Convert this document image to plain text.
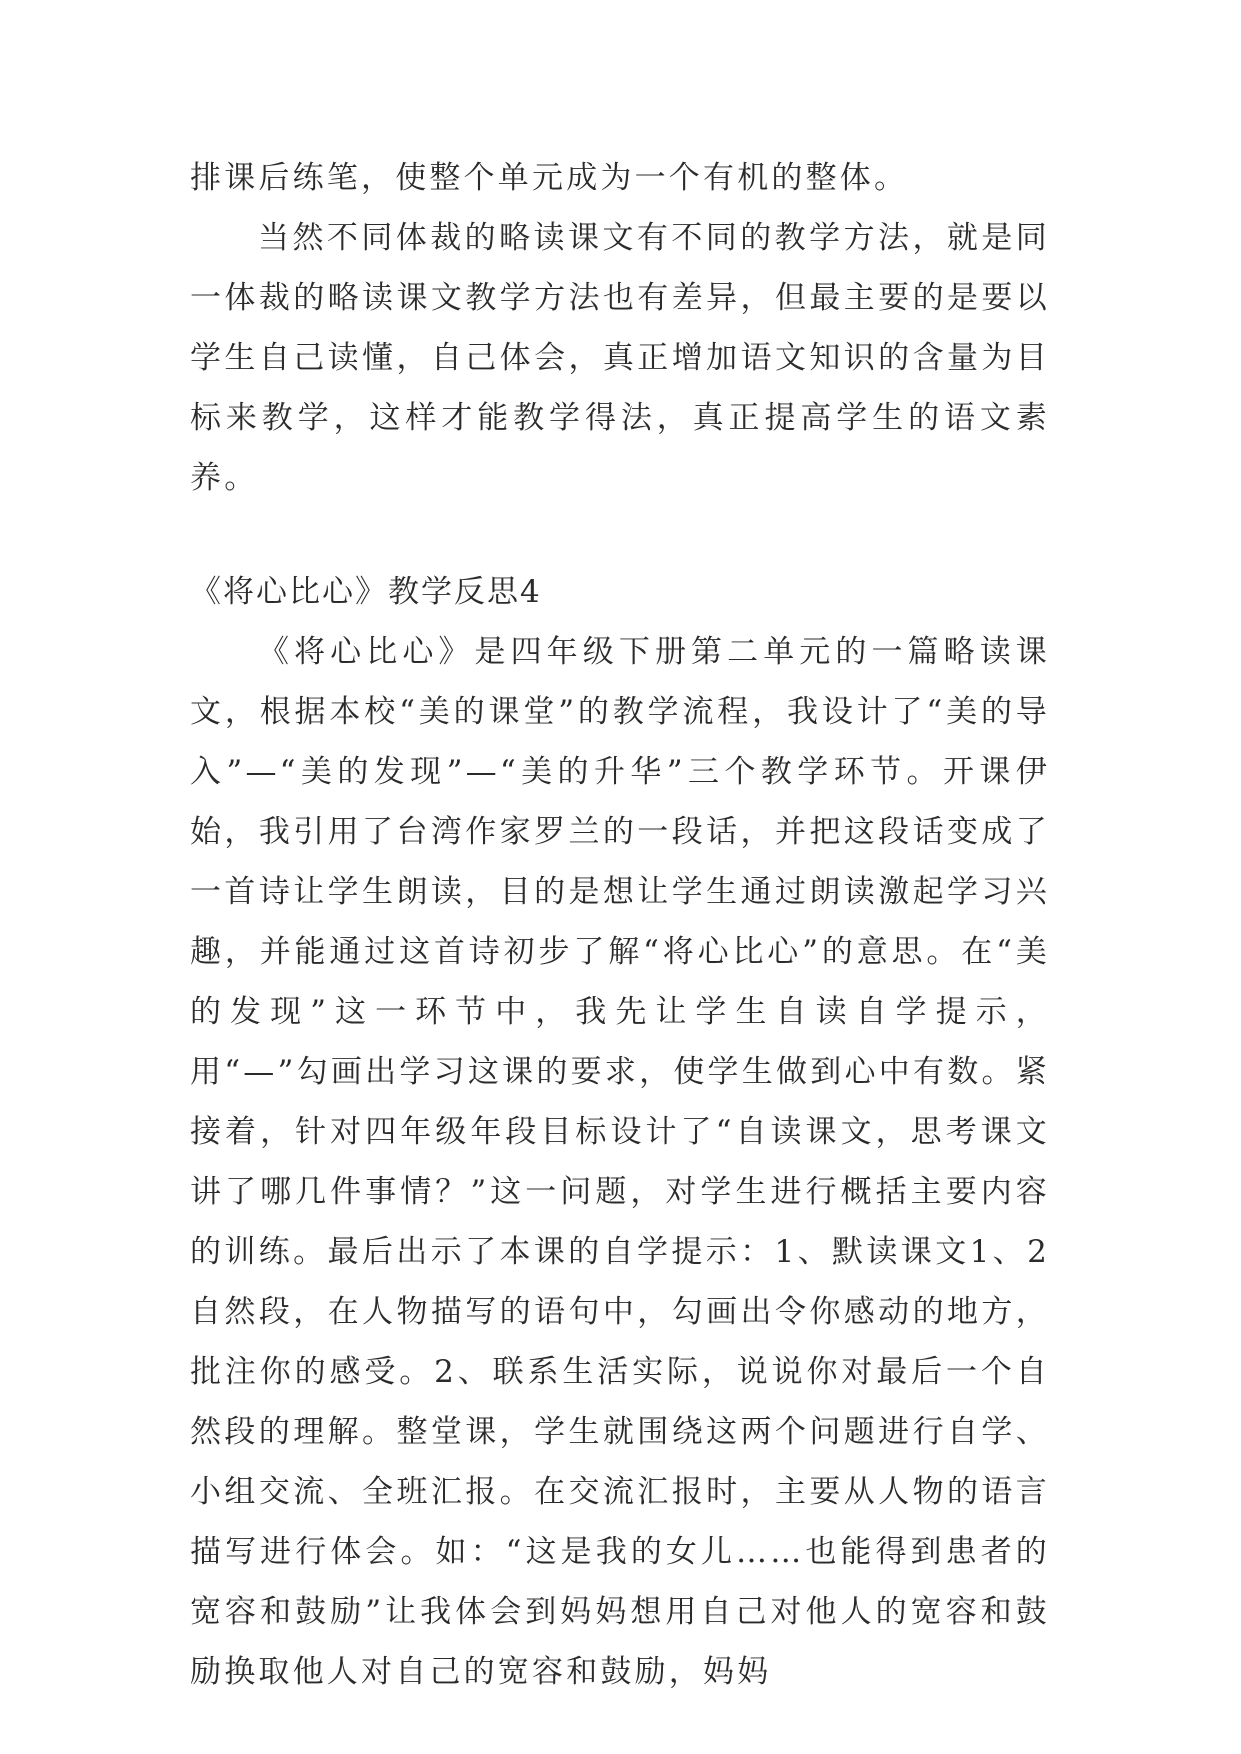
排课后练笔，使整个单元成为一个有机的整体。

当然不同体裁的略读课文有不同的教学方法，就是同一体裁的略读课文教学方法也有差异，但最主要的是要以学生自己读懂，自己体会，真正增加语文知识的含量为目标来教学，这样才能教学得法，真正提高学生的语文素养。

《将心比心》教学反思4

《将心比心》是四年级下册第二单元的一篇略读课文，根据本校“美的课堂”的教学流程，我设计了“美的导入”—“美的发现”—“美的升华”三个教学环节。开课伊始，我引用了台湾作家罗兰的一段话，并把这段话变成了一首诗让学生朗读，目的是想让学生通过朗读激起学习兴趣，并能通过这首诗初步了解“将心比心”的意思。在“美的发现”这一环节中，我先让学生自读自学提示，用“—”勾画出学习这课的要求，使学生做到心中有数。紧接着，针对四年级年段目标设计了“自读课文，思考课文讲了哪几件事情？”这一问题，对学生进行概括主要内容的训练。最后出示了本课的自学提示：1、默读课文1、2自然段，在人物描写的语句中，勾画出令你感动的地方，批注你的感受。2、联系生活实际，说说你对最后一个自然段的理解。整堂课，学生就围绕这两个问题进行自学、小组交流、全班汇报。在交流汇报时，主要从人物的语言描写进行体会。如：“这是我的女儿……也能得到患者的宽容和鼓励”让我体会到妈妈想用自己对他人的宽容和鼓励换取他人对自己的宽容和鼓励，妈妈
